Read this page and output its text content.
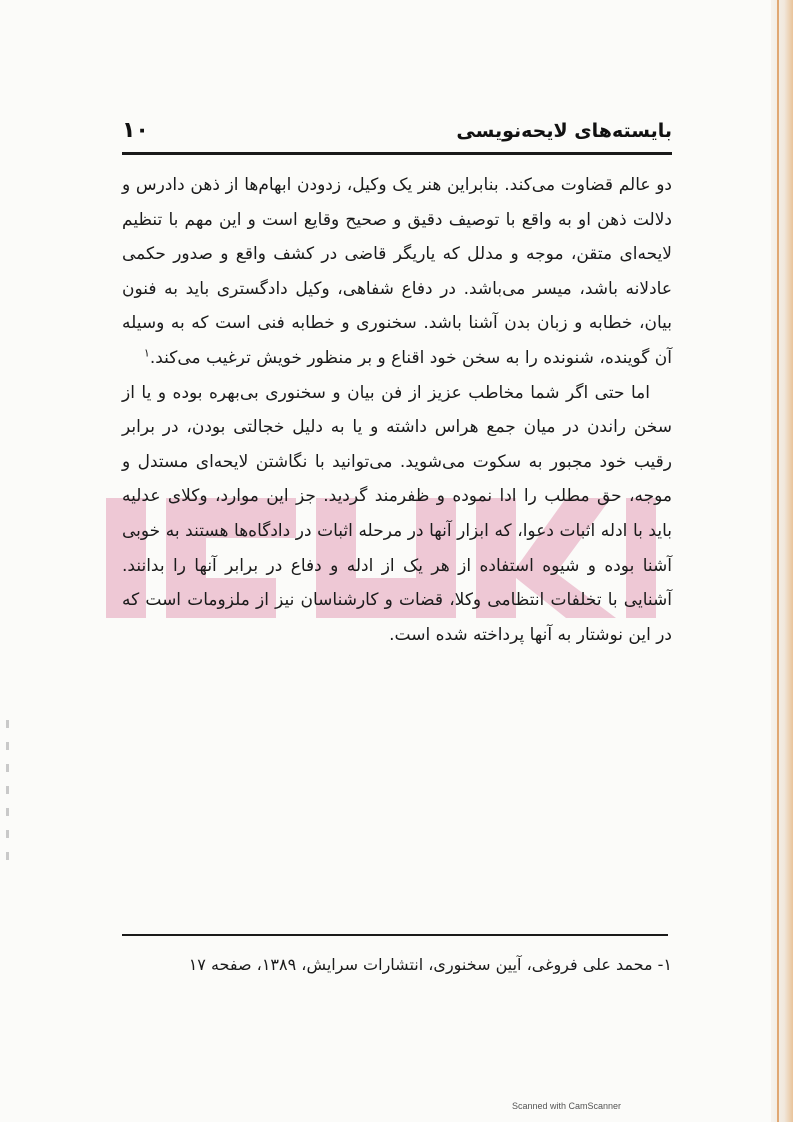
بایسته‌های لایحه‌نویسی
۱۰

دو عالم قضاوت می‌کند. بنابراین هنر یک وکیل، زدودن ابهام‌ها از ذهن دادرس و دلالت ذهن او به واقع با توصیف دقیق و صحیح وقایع است و این مهم با تنظیم لایحه‌ای متقن، موجه و مدلل که یاریگر قاضی در کشف واقع و صدور حکمی عادلانه باشد، میسر می‌باشد. در دفاع شفاهی، وکیل دادگستری باید به فنون بیان، خطابه و زبان بدن آشنا باشد. سخنوری و خطابه فنی است که به وسیله آن گوینده، شنونده را به سخن خود اقناع و بر منظور خویش ترغیب می‌کند.$^۱$

اما حتی اگر شما مخاطب عزیز از فن بیان و سخنوری بی‌بهره بوده و یا از سخن راندن در میان جمع هراس داشته و یا به دلیل خجالتی بودن، در برابر رقیب خود مجبور به سکوت می‌شوید. می‌توانید با نگاشتن لایحه‌ای مستدل و موجه، حق مطلب را ادا نموده و ظفرمند گردید. جز این موارد، وکلای عدلیه باید با ادله اثبات دعوا، که ابزار آنها در مرحله اثبات در دادگاه‌ها هستند به خوبی آشنا بوده و شیوه استفاده از هر یک از ادله و دفاع در برابر آنها را بدانند. آشنایی با تخلفات انتظامی وکلا، قضات و کارشناسان نیز از ملزومات است که در این نوشتار به آنها پرداخته شده است.

۱- محمد علی فروغی، آیین سخنوری، انتشارات سرایش، ۱۳۸۹، صفحه ۱۷
Scanned with CamScanner
